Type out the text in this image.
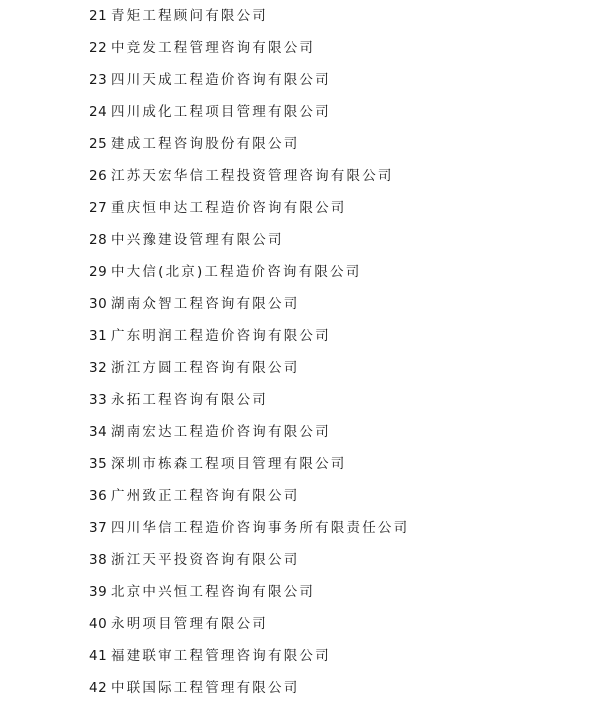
21 青矩工程顾问有限公司
22 中竞发工程管理咨询有限公司
23 四川天成工程造价咨询有限公司
24 四川成化工程项目管理有限公司
25 建成工程咨询股份有限公司
26 江苏天宏华信工程投资管理咨询有限公司
27 重庆恒申达工程造价咨询有限公司
28 中兴豫建设管理有限公司
29 中大信(北京)工程造价咨询有限公司
30 湖南众智工程咨询有限公司
31 广东明润工程造价咨询有限公司
32 浙江方圆工程咨询有限公司
33 永拓工程咨询有限公司
34 湖南宏达工程造价咨询有限公司
35 深圳市栋森工程项目管理有限公司
36 广州致正工程咨询有限公司
37 四川华信工程造价咨询事务所有限责任公司
38 浙江天平投资咨询有限公司
39 北京中兴恒工程咨询有限公司
40 永明项目管理有限公司
41 福建联审工程管理咨询有限公司
42 中联国际工程管理有限公司
